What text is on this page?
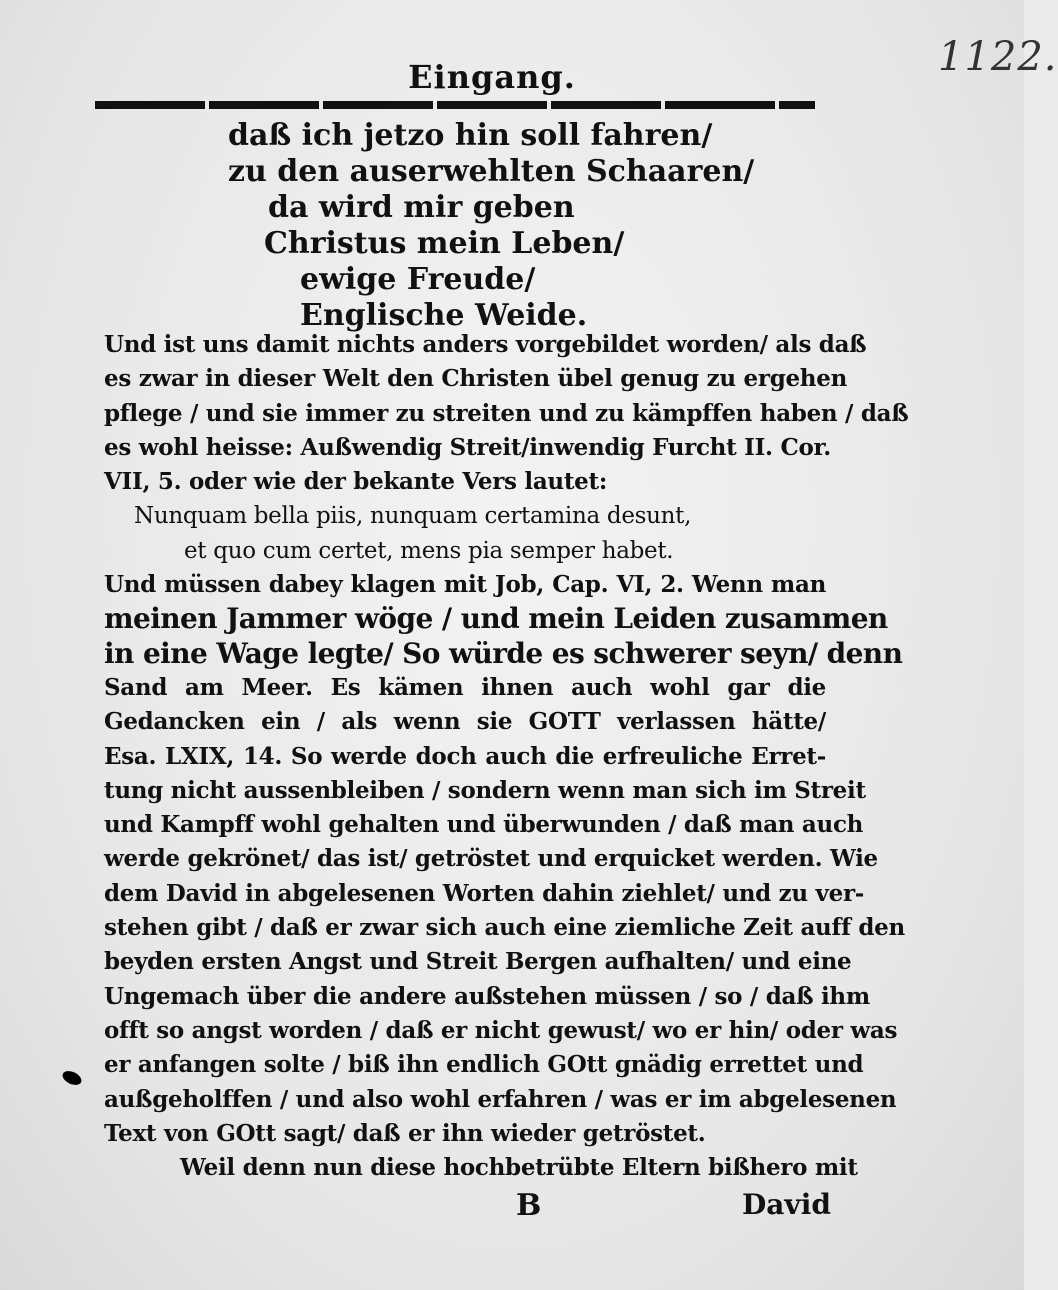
1122.
Eingang.
daß ich jetzo hin soll fahren/
zu den auserwehlten Schaaren/
da wird mir geben
Christus mein Leben/
ewige Freude/
Englische Weide.
Und ist uns damit nichts anders vorgebildet worden/ als daß
es zwar in dieser Welt den Christen übel genug zu ergehen
pflege / und sie immer zu streiten und zu kämpffen haben / daß
es wohl heisse: Außwendig Streit/inwendig Furcht II. Cor.
VII, 5. oder wie der bekante Vers lautet:
Nunquam bella piis, nunquam certamina desunt,
et quo cum certet, mens pia semper habet.
Und müssen dabey klagen mit Job, Cap. VI, 2. Wenn man
meinen Jammer wöge / und mein Leiden zusammen
in eine Wage legte/ So würde es schwerer seyn/ denn
Sand am Meer. Es kämen ihnen auch wohl gar die
Gedancken ein / als wenn sie GOTT verlassen hätte/
Esa. LXIX, 14. So werde doch auch die erfreuliche Erret-
tung nicht aussenbleiben / sondern wenn man sich im Streit
und Kampff wohl gehalten und überwunden / daß man auch
werde gekrönet/ das ist/ getröstet und erquicket werden. Wie
dem David in abgelesenen Worten dahin ziehlet/ und zu ver-
stehen gibt / daß er zwar sich auch eine ziemliche Zeit auff den
beyden ersten Angst und Streit Bergen aufhalten/ und eine
Ungemach über die andere außstehen müssen / so / daß ihm
offt so angst worden / daß er nicht gewust/ wo er hin/ oder was
er anfangen solte / biß ihn endlich GOtt gnädig errettet und
außgeholffen / und also wohl erfahren / was er im abgelesenen
Text von GOtt sagt/ daß er ihn wieder getröstet.
Weil denn nun diese hochbetrübte Eltern bißhero mit
B	David
